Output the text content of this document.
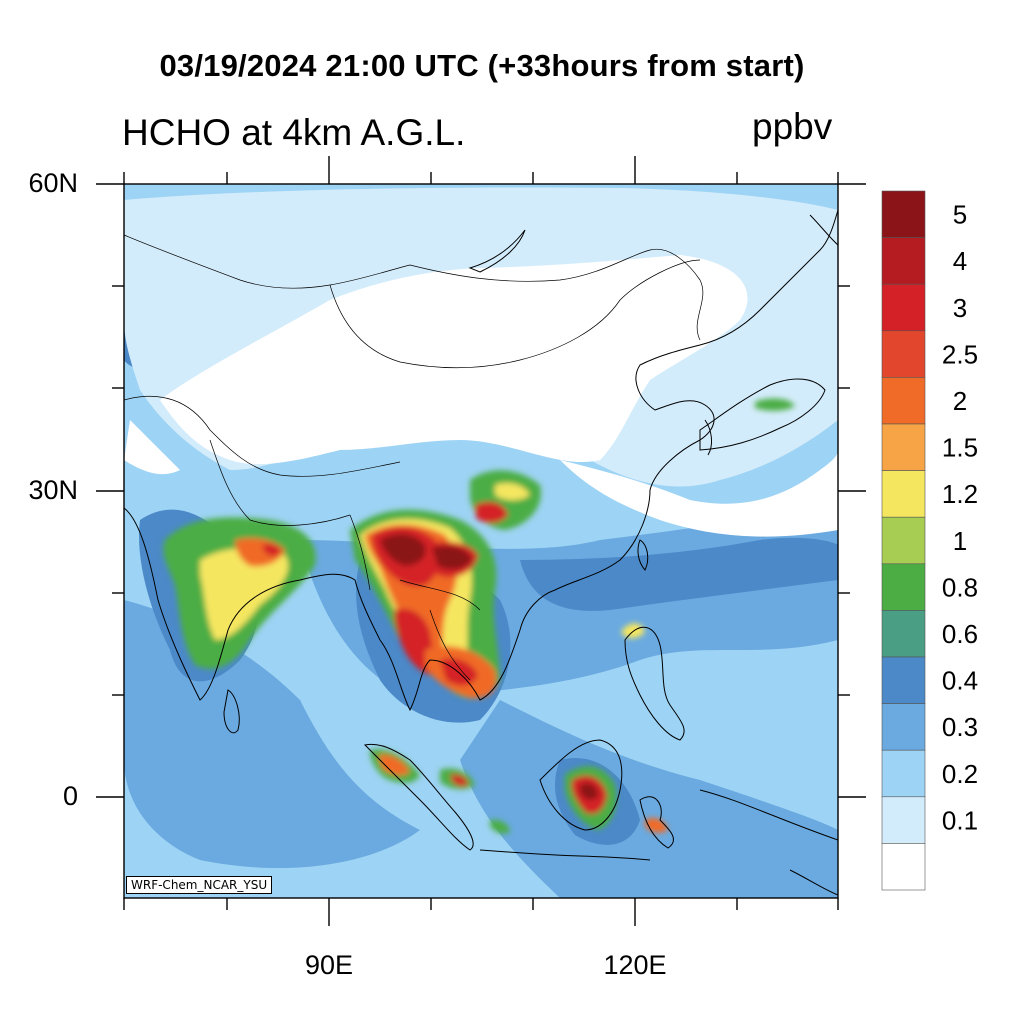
03/19/2024 21:00 UTC (+33hours from start)
HCHO at 4km A.G.L.	ppbv
5
4
3
2.5
2
1.5
1.2
1
0.8
0.6
0.4
0.3
0.2
0.1
60N
30N
0
90E	120E
WRF-Chem_NCAR_YSU
